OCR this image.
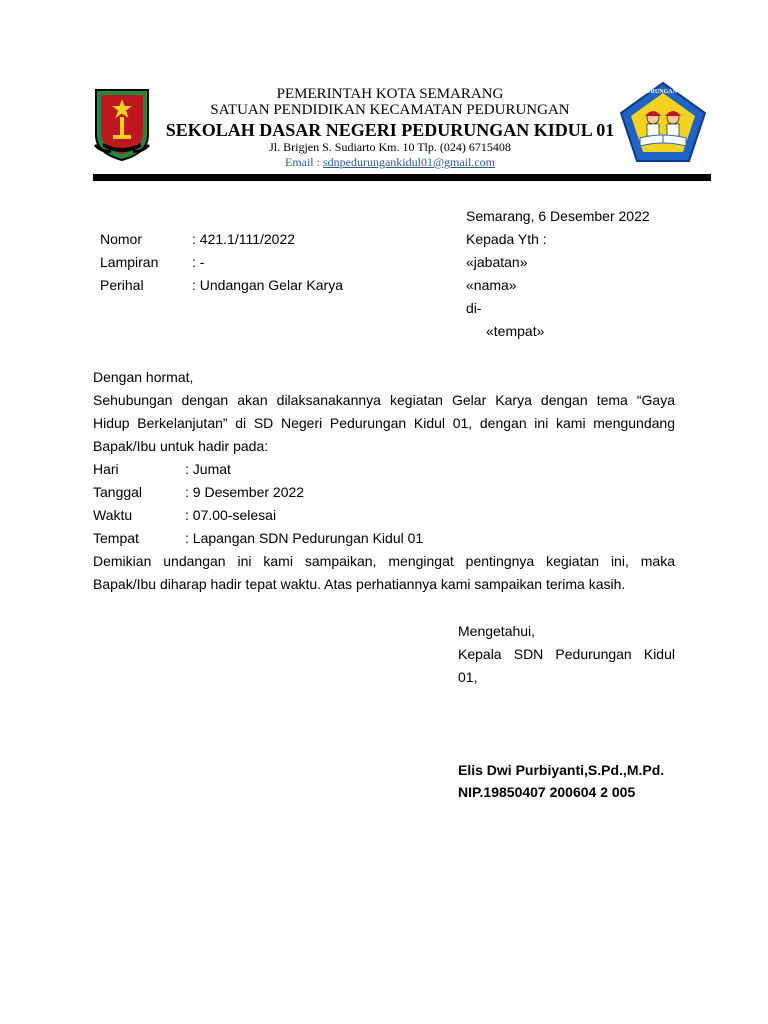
SDN PEDURUNGAN KIDUL 01
PEMERINTAH KOTA SEMARANG
SATUAN PENDIDIKAN KECAMATAN PEDURUNGAN
SEKOLAH DASAR NEGERI PEDURUNGAN KIDUL 01
Jl. Brigjen S. Sudiarto Km. 10 Tlp. (024) 6715408
Email : sdnpedurungankidul01@gmail.com
Semarang, 6 Desember 2022
Nomor	: 421.1/111/2022
Lampiran : -
Perihal	: Undangan Gelar Karya
Kepada Yth :
«jabatan»
«nama»
di-
«tempat»
Dengan hormat,
Sehubungan dengan akan dilaksanakannya kegiatan Gelar Karya dengan tema “Gaya
Hidup Berkelanjutan” di SD Negeri Pedurungan Kidul 01, dengan ini kami mengundang
Bapak/Ibu untuk hadir pada:
Hari	: Jumat
Tanggal	: 9 Desember 2022
Waktu	: 07.00-selesai
Tempat	: Lapangan SDN Pedurungan Kidul 01
Demikian undangan ini kami sampaikan, mengingat pentingnya kegiatan ini, maka
Bapak/Ibu diharap hadir tepat waktu. Atas perhatiannya kami sampaikan terima kasih.
Mengetahui,
Kepala SDN Pedurungan Kidul
01,
Elis Dwi Purbiyanti,S.Pd.,M.Pd.
NIP.19850407 200604 2 005
